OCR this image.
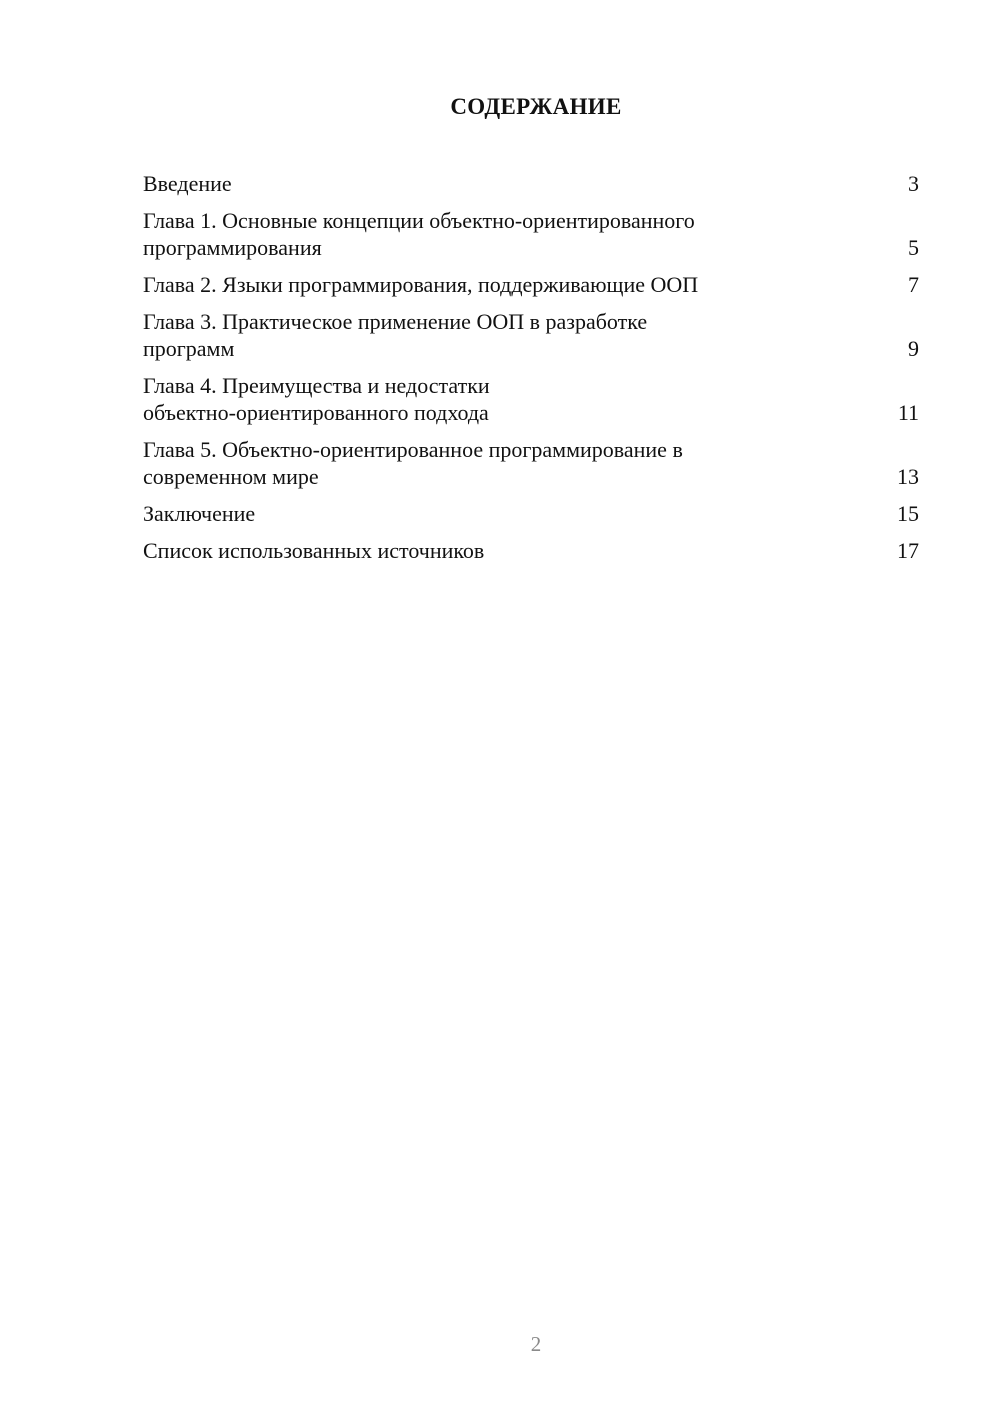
СОДЕРЖАНИЕ
Введение	3
Глава 1. Основные концепции объектно-ориентированного
программирования	5
Глава 2. Языки программирования, поддерживающие ООП	7
Глава 3. Практическое применение ООП в разработке
программ	9
Глава 4. Преимущества и недостатки
объектно-ориентированного подхода	11
Глава 5. Объектно-ориентированное программирование в
современном мире	13
Заключение	15
Список использованных источников	17
2
